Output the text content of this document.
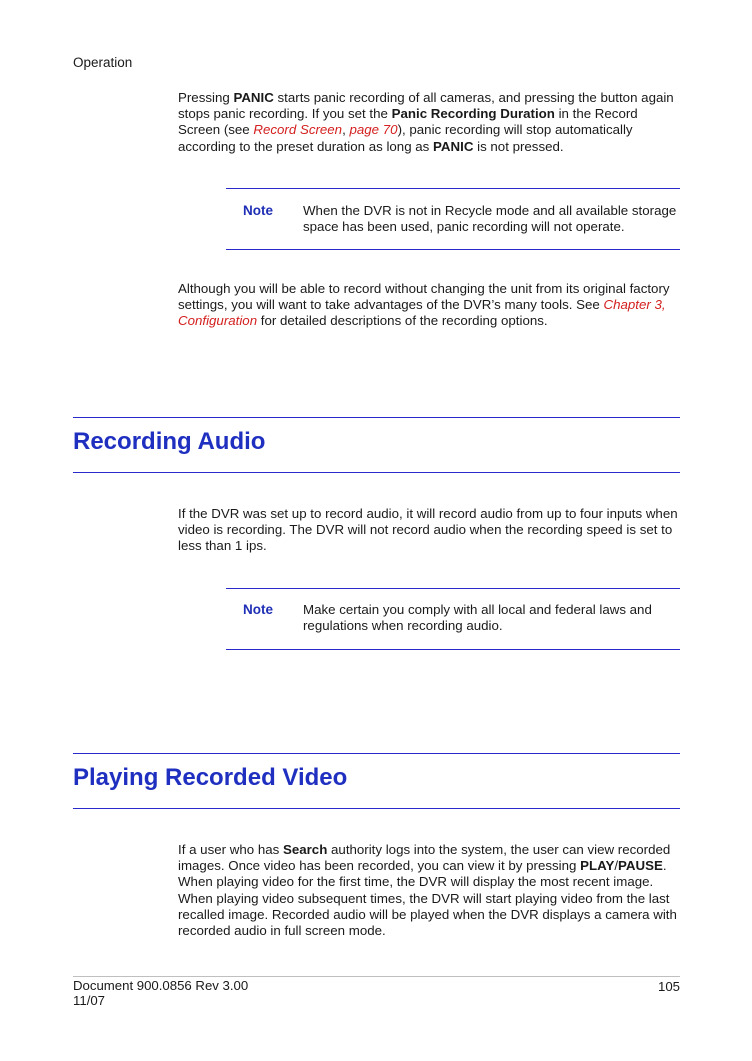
Operation

Pressing PANIC starts panic recording of all cameras, and pressing the button again stops panic recording. If you set the Panic Recording Duration in the Record Screen (see Record Screen, page 70), panic recording will stop automatically according to the preset duration as long as PANIC is not pressed.

Note When the DVR is not in Recycle mode and all available storage space has been used, panic recording will not operate.

Although you will be able to record without changing the unit from its original factory settings, you will want to take advantages of the DVR’s many tools. See Chapter 3, Configuration for detailed descriptions of the recording options.

Recording Audio

If the DVR was set up to record audio, it will record audio from up to four inputs when video is recording. The DVR will not record audio when the recording speed is set to less than 1 ips.

Note Make certain you comply with all local and federal laws and regulations when recording audio.
Playing Recorded Video

If a user who has Search authority logs into the system, the user can view recorded images. Once video has been recorded, you can view it by pressing PLAY/PAUSE. When playing video for the first time, the DVR will display the most recent image. When playing video subsequent times, the DVR will start playing video from the last recalled image. Recorded audio will be played when the DVR displays a camera with recorded audio in full screen mode.

Document 900.0856 Rev 3.00
11/07
105
